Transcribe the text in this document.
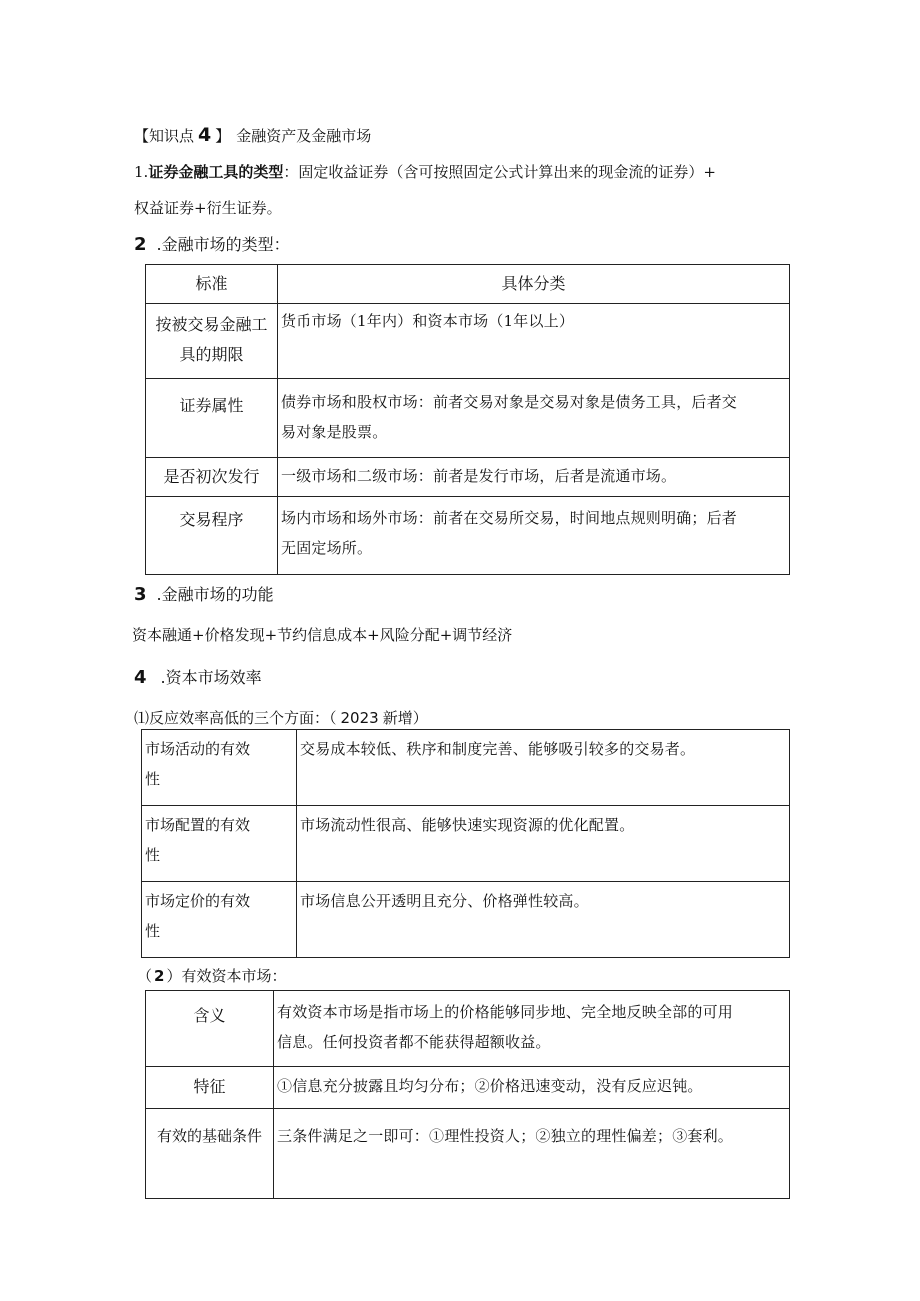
【知识点 4 】 金融资产及金融市场
1.证券金融工具的类型：固定收益证券（含可按照固定公式计算出来的现金流的证券）+
权益证券+衍生证券。
2 .金融市场的类型：
标准	具体分类

按被交易金融工
具的期限	货币市场（1年内）和资本市场（1年以上）

证券属性	债券市场和股权市场：前者交易对象是交易对象是债务工具，后者交
易对象是股票。

是否初次发行	一级市场和二级市场：前者是发行市场，后者是流通市场。
交易程序	场内市场和场外市场：前者在交易所交易，时间地点规则明确；后者
无固定场所。
3 .金融市场的功能
资本融通+价格发现+节约信息成本+风险分配+调节经济
4 .资本市场效率
⑴反应效率高低的三个方面：（ 2023 新增）
市场活动的有效
性	交易成本较低、秩序和制度完善、能够吸引较多的交易者。

市场配置的有效
性	市场流动性很高、能够快速实现资源的优化配置。

市场定价的有效
性	市场信息公开透明且充分、价格弹性较高。
（ 2 ）有效资本市场：
含义	有效资本市场是指市场上的价格能够同步地、完全地反映全部的可用
信息。任何投资者都不能获得超额收益。

特征	①信息充分披露且均匀分布；②价格迅速变动，没有反应迟钝。
有效的基础条件	三条件满足之一即可：①理性投资人；②独立的理性偏差；③套利。
